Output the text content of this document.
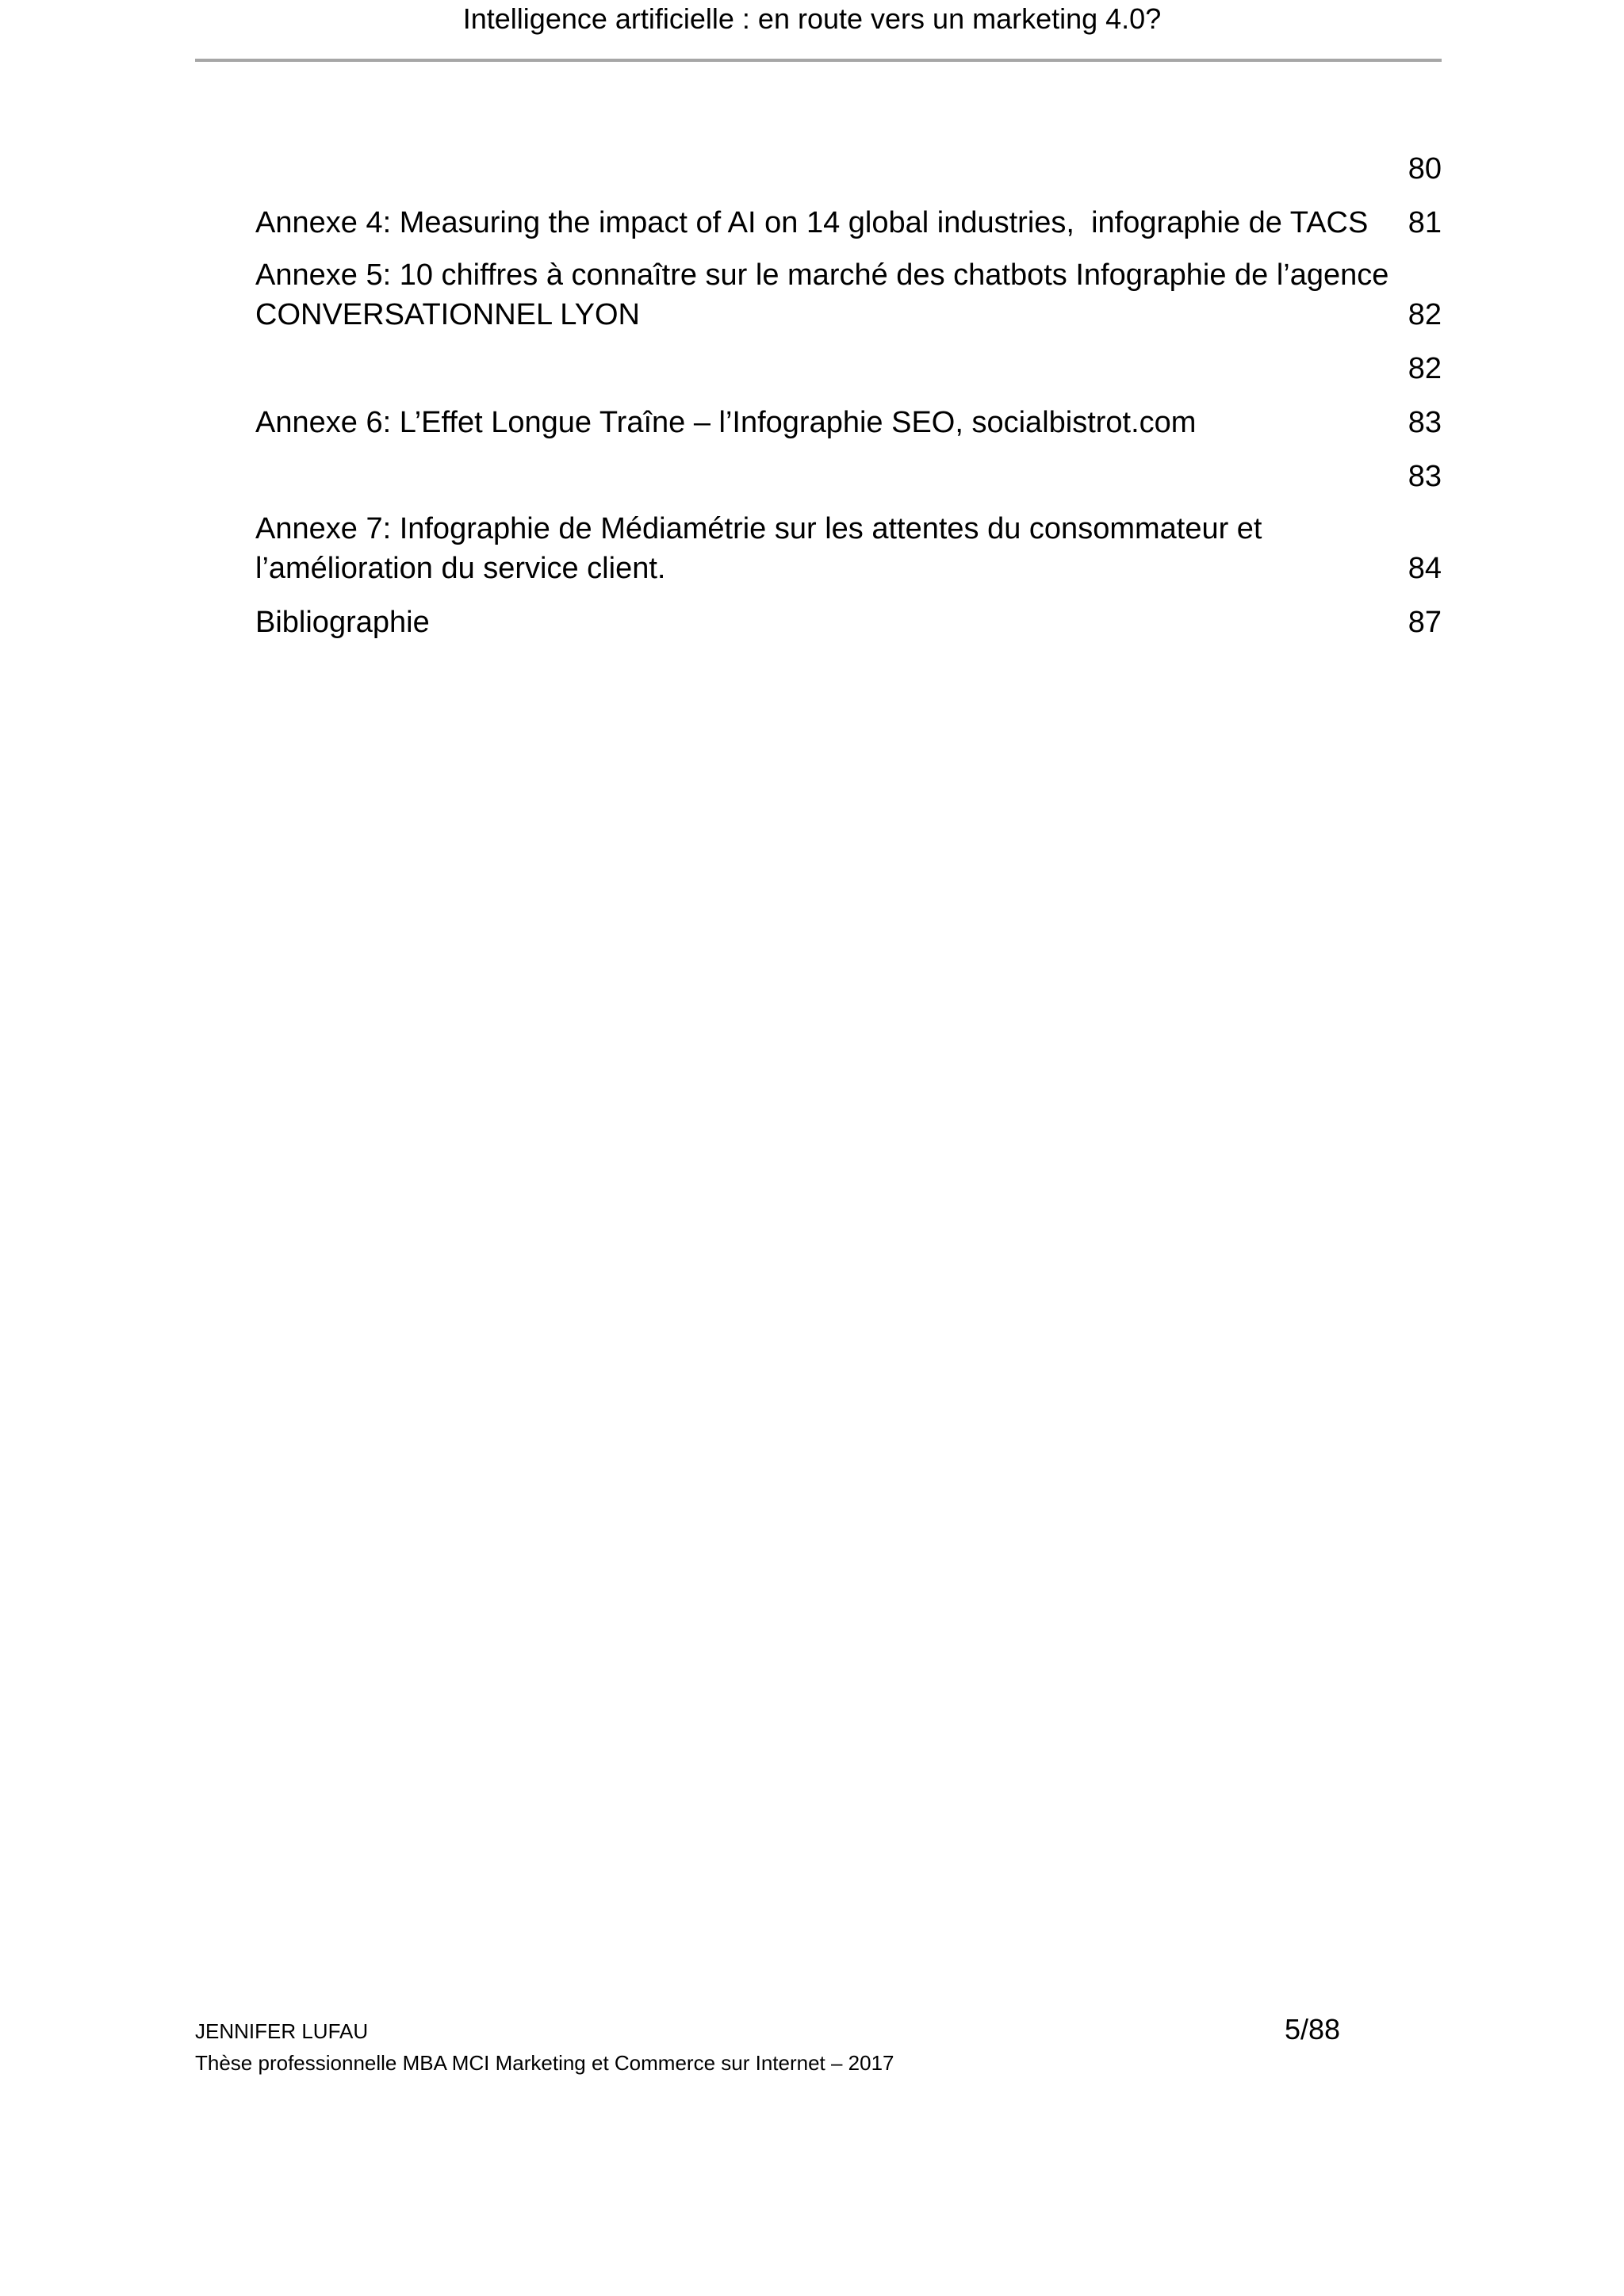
Intelligence artificielle : en route vers un marketing 4.0?
80
Annexe 4: Measuring the impact of AI on 14 global industries,  infographie de TACS	81
Annexe 5: 10 chiffres à connaître sur le marché des chatbots Infographie de l’agence
CONVERSATIONNEL LYON	82
82
Annexe 6: L’Effet Longue Traîne – l’Infographie SEO, socialbistrot.com	83
83
Annexe 7: Infographie de Médiamétrie sur les attentes du consommateur et
l’amélioration du service client.	84
Bibliographie	87
JENNIFER LUFAU
Thèse professionnelle MBA MCI Marketing et Commerce sur Internet – 2017
5/88
